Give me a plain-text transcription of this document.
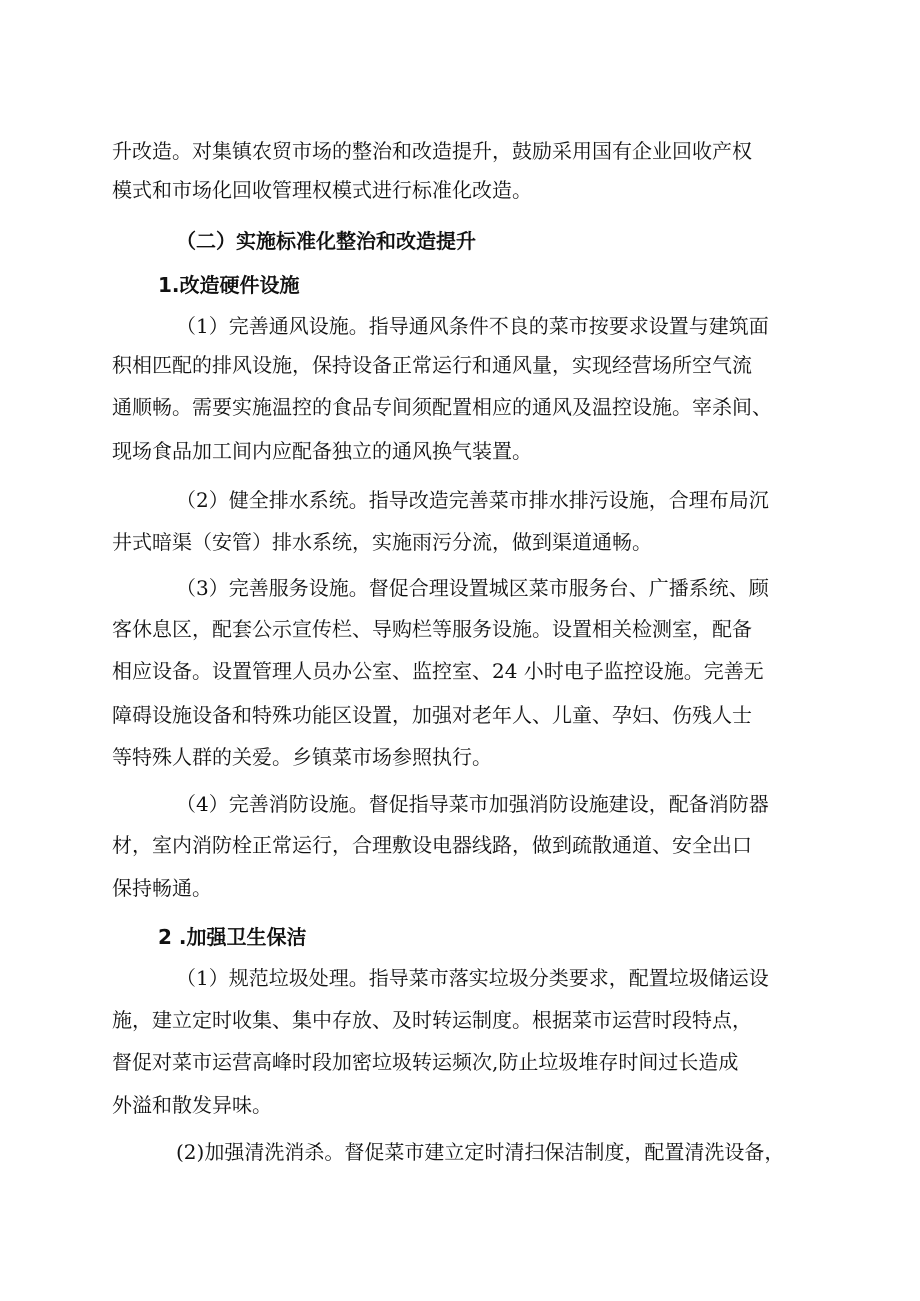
升改造。对集镇农贸市场的整治和改造提升，鼓励采用国有企业回收产权
模式和市场化回收管理权模式进行标准化改造。
（二）实施标准化整治和改造提升
1.改造硬件设施
（1）完善通风设施。指导通风条件不良的菜市按要求设置与建筑面
积相匹配的排风设施，保持设备正常运行和通风量，实现经营场所空气流
通顺畅。需要实施温控的食品专间须配置相应的通风及温控设施。宰杀间、
现场食品加工间内应配备独立的通风换气装置。
（2）健全排水系统。指导改造完善菜市排水排污设施，合理布局沉
井式暗渠（安管）排水系统，实施雨污分流，做到渠道通畅。
（3）完善服务设施。督促合理设置城区菜市服务台、广播系统、顾
客休息区，配套公示宣传栏、导购栏等服务设施。设置相关检测室，配备
相应设备。设置管理人员办公室、监控室、24 小时电子监控设施。完善无
障碍设施设备和特殊功能区设置，加强对老年人、儿童、孕妇、伤残人士
等特殊人群的关爱。乡镇菜市场参照执行。
（4）完善消防设施。督促指导菜市加强消防设施建设，配备消防器
材，室内消防栓正常运行，合理敷设电器线路，做到疏散通道、安全出口
保持畅通。
2 .加强卫生保洁
（1）规范垃圾处理。指导菜市落实垃圾分类要求，配置垃圾储运设
施，建立定时收集、集中存放、及时转运制度。根据菜市运营时段特点，
督促对菜市运营高峰时段加密垃圾转运频次,防止垃圾堆存时间过长造成
外溢和散发异味。
(2)加强清洗消杀。督促菜市建立定时清扫保洁制度，配置清洗设备，
